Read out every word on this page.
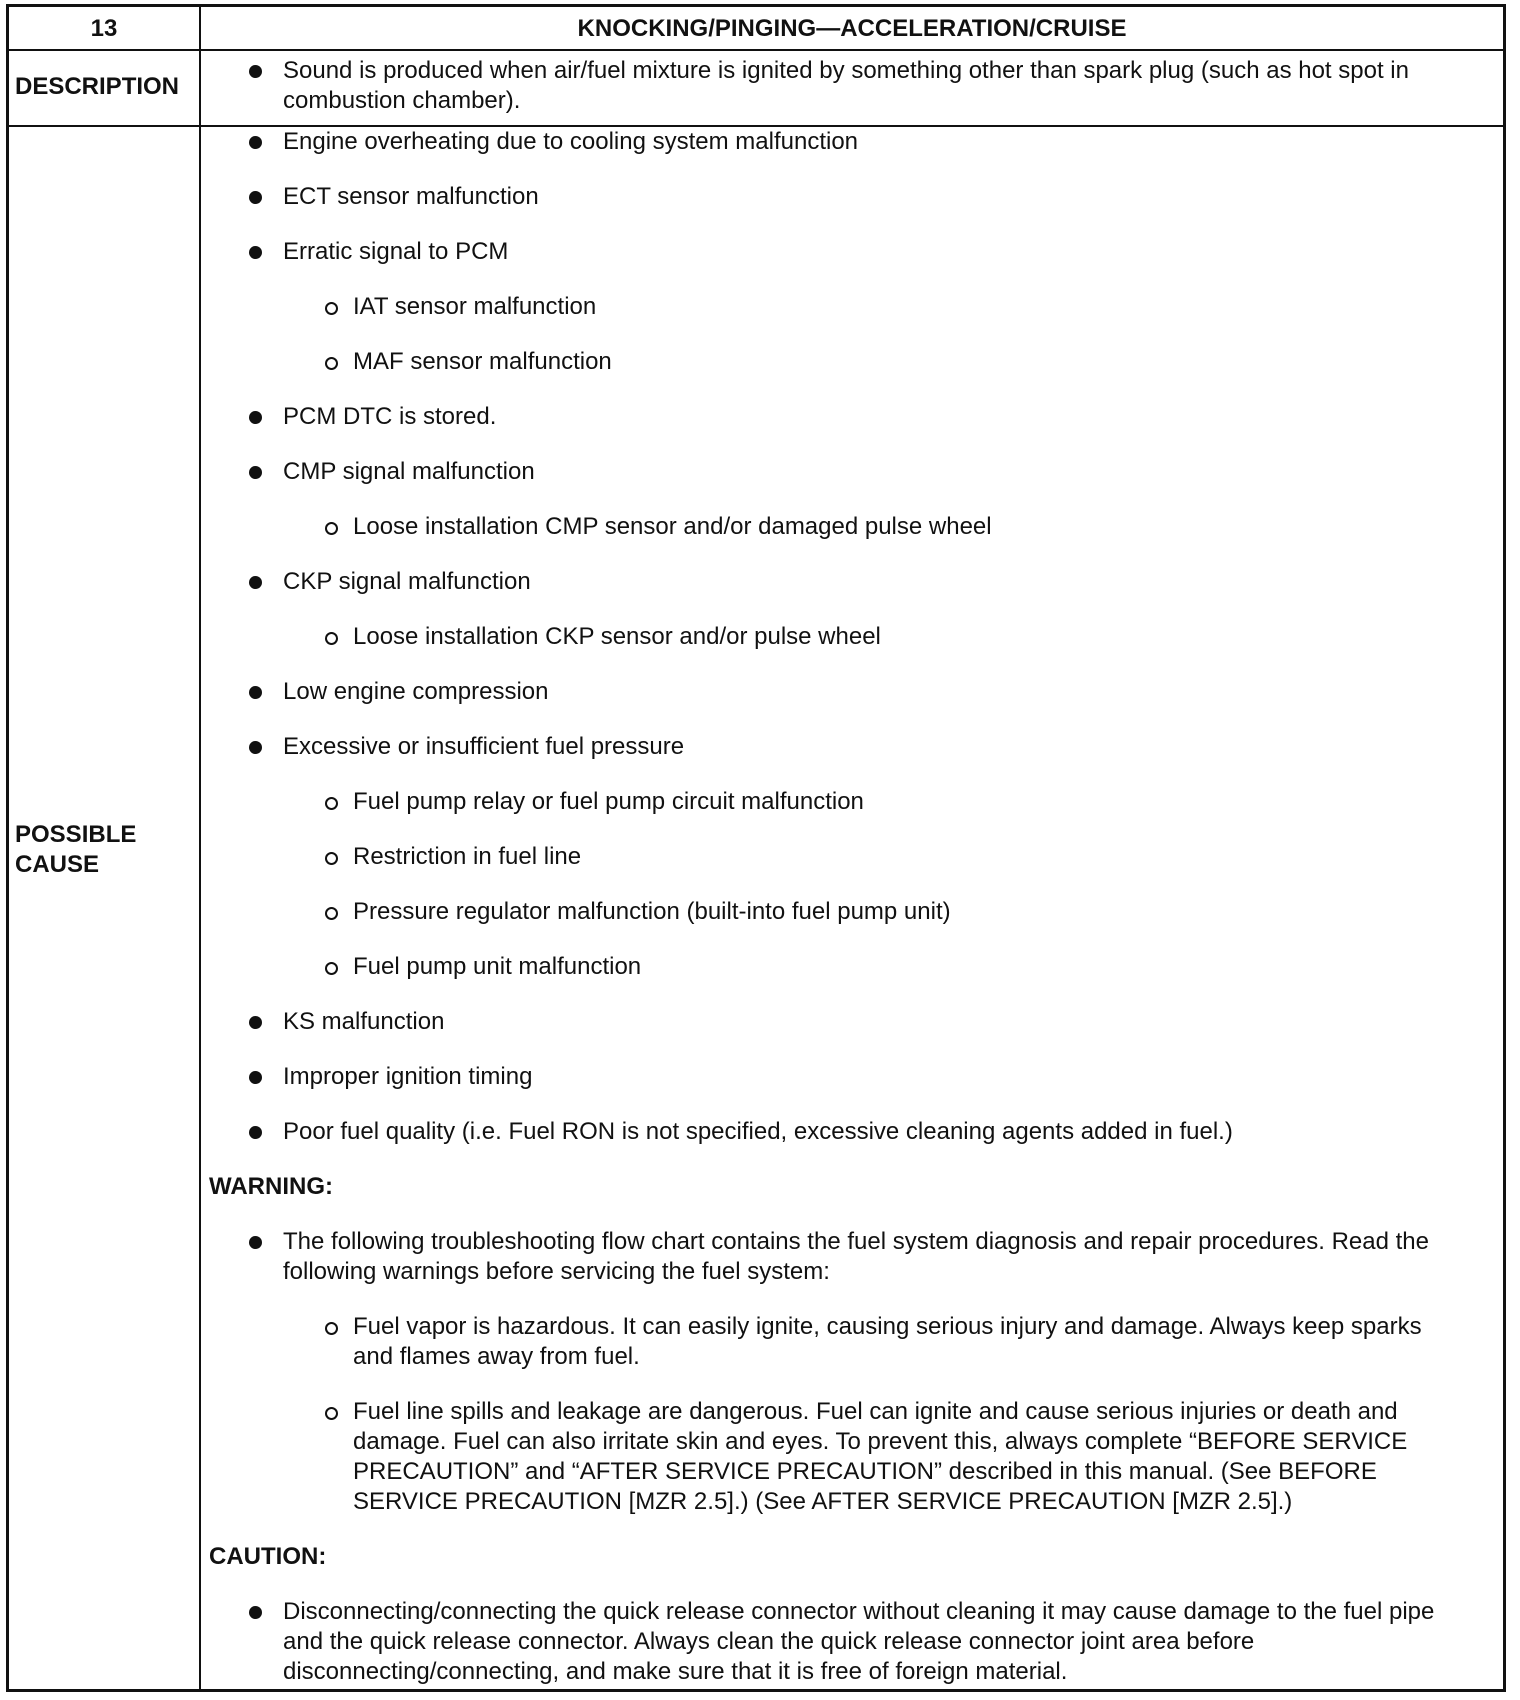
13	KNOCKING/PINGING—ACCELERATION/CRUISE
DESCRIPTION
Sound is produced when air/fuel mixture is ignited by something other than spark plug (such as hot spot in combustion chamber).
POSSIBLE CAUSE
Engine overheating due to cooling system malfunction
ECT sensor malfunction
Erratic signal to PCM
IAT sensor malfunction
MAF sensor malfunction
PCM DTC is stored.
CMP signal malfunction
Loose installation CMP sensor and/or damaged pulse wheel
CKP signal malfunction
Loose installation CKP sensor and/or pulse wheel
Low engine compression
Excessive or insufficient fuel pressure
Fuel pump relay or fuel pump circuit malfunction
Restriction in fuel line
Pressure regulator malfunction (built-into fuel pump unit)
Fuel pump unit malfunction
KS malfunction
Improper ignition timing
Poor fuel quality (i.e. Fuel RON is not specified, excessive cleaning agents added in fuel.)
WARNING:
The following troubleshooting flow chart contains the fuel system diagnosis and repair procedures. Read the following warnings before servicing the fuel system:
Fuel vapor is hazardous. It can easily ignite, causing serious injury and damage. Always keep sparks and flames away from fuel.
Fuel line spills and leakage are dangerous. Fuel can ignite and cause serious injuries or death and damage. Fuel can also irritate skin and eyes. To prevent this, always complete “BEFORE SERVICE PRECAUTION” and “AFTER SERVICE PRECAUTION” described in this manual. (See BEFORE SERVICE PRECAUTION [MZR 2.5].) (See AFTER SERVICE PRECAUTION [MZR 2.5].)
CAUTION:
Disconnecting/connecting the quick release connector without cleaning it may cause damage to the fuel pipe and the quick release connector. Always clean the quick release connector joint area before disconnecting/connecting, and make sure that it is free of foreign material.
